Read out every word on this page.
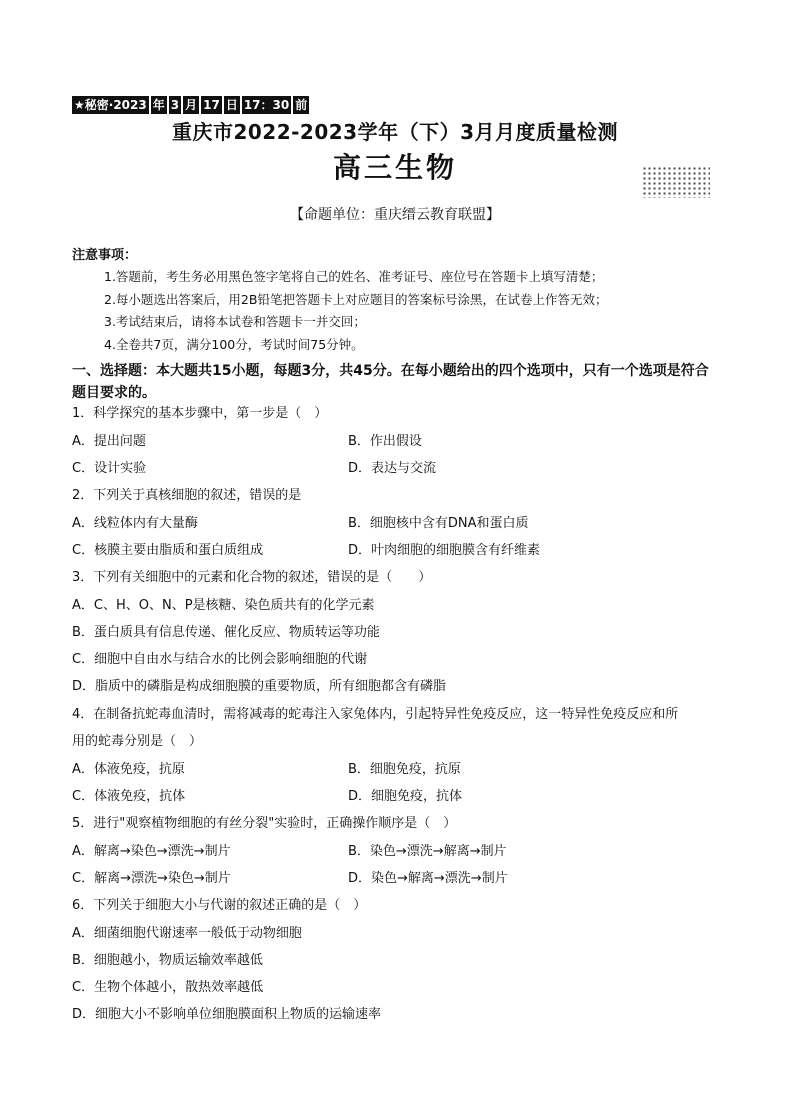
★秘密·2023 年 3 月 17 日 17：30 前
重庆市2022-2023学年（下）3月月度质量检测
高三生物
【命题单位：重庆缙云教育联盟】
注意事项：
1.答题前，考生务必用黑色签字笔将自己的姓名、准考证号、座位号在答题卡上填写清楚；
2.每小题选出答案后，用2B铅笔把答题卡上对应题目的答案标号涂黑，在试卷上作答无效；
3.考试结束后，请将本试卷和答题卡一并交回；
4.全卷共7页，满分100分，考试时间75分钟。
一、选择题：本大题共15小题，每题3分，共45分。在每小题给出的四个选项中，只有一个选项是符合题目要求的。
1．科学探究的基本步骤中，第一步是（　）
A．提出问题	B．作出假设
C．设计实验	D．表达与交流
2．下列关于真核细胞的叙述，错误的是
A．线粒体内有大量酶	B．细胞核中含有DNA和蛋白质
C．核膜主要由脂质和蛋白质组成	D．叶肉细胞的细胞膜含有纤维素
3．下列有关细胞中的元素和化合物的叙述，错误的是（　　）
A．C、H、O、N、P是核糖、染色质共有的化学元素
B．蛋白质具有信息传递、催化反应、物质转运等功能
C．细胞中自由水与结合水的比例会影响细胞的代谢
D．脂质中的磷脂是构成细胞膜的重要物质，所有细胞都含有磷脂
4．在制备抗蛇毒血清时，需将减毒的蛇毒注入家兔体内，引起特异性免疫反应，这一特异性免疫反应和所
用的蛇毒分别是（　）
A．体液免疫，抗原	B．细胞免疫，抗原
C．体液免疫，抗体	D．细胞免疫，抗体
5．进行"观察植物细胞的有丝分裂"实验时，正确操作顺序是（　）
A．解离→染色→漂洗→制片	B．染色→漂洗→解离→制片
C．解离→漂洗→染色→制片	D．染色→解离→漂洗→制片
6．下列关于细胞大小与代谢的叙述正确的是（　）
A．细菌细胞代谢速率一般低于动物细胞
B．细胞越小，物质运输效率越低
C．生物个体越小，散热效率越低
D．细胞大小不影响单位细胞膜面积上物质的运输速率
